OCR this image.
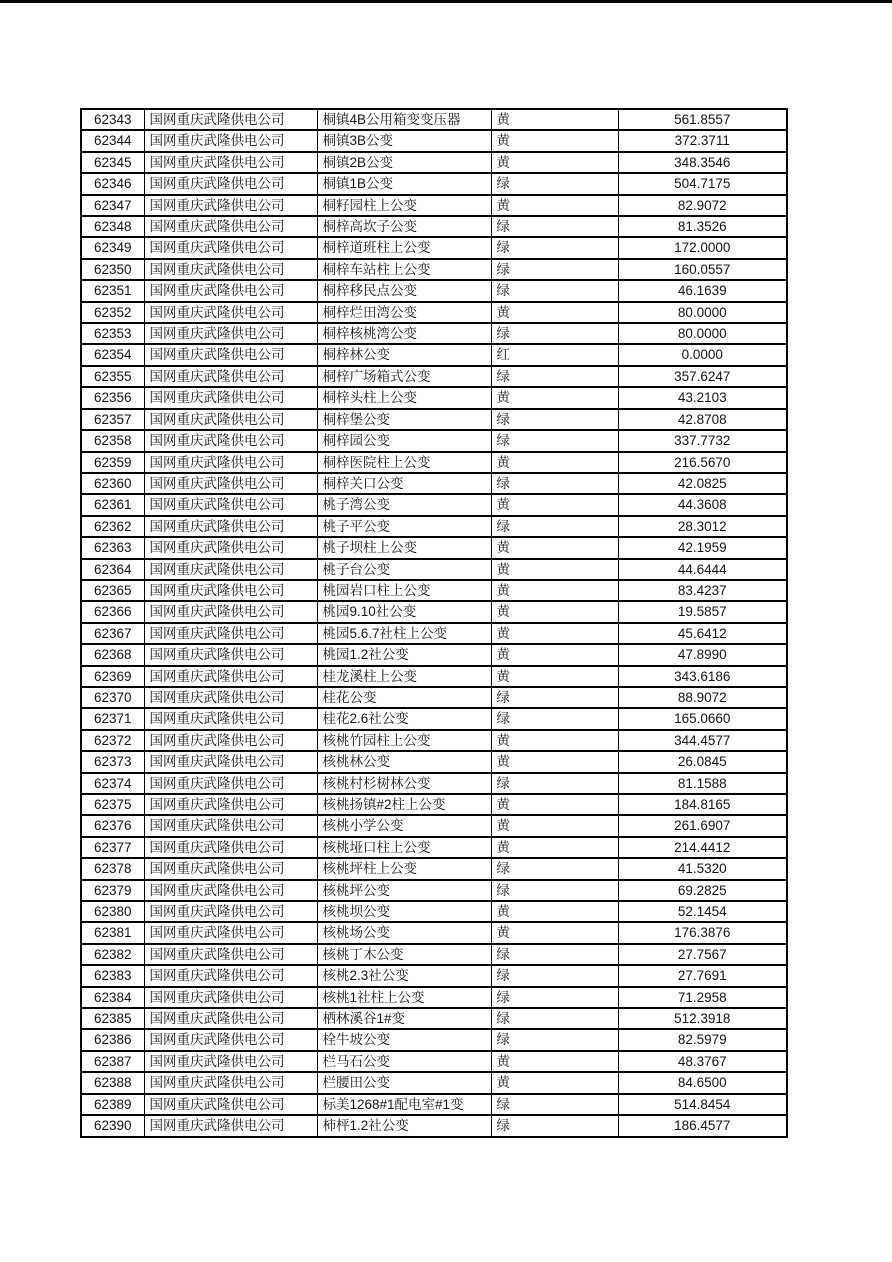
62343	国网重庆武隆供电公司	桐镇4B公用箱变变压器	黄	561.8557
62344	国网重庆武隆供电公司	桐镇3B公变	黄	372.3711
62345	国网重庆武隆供电公司	桐镇2B公变	黄	348.3546
62346	国网重庆武隆供电公司	桐镇1B公变	绿	504.7175
62347	国网重庆武隆供电公司	桐籽园柱上公变	黄	82.9072
62348	国网重庆武隆供电公司	桐梓高坎子公变	绿	81.3526
62349	国网重庆武隆供电公司	桐梓道班柱上公变	绿	172.0000
62350	国网重庆武隆供电公司	桐梓车站柱上公变	绿	160.0557
62351	国网重庆武隆供电公司	桐梓移民点公变	绿	46.1639
62352	国网重庆武隆供电公司	桐梓烂田湾公变	黄	80.0000
62353	国网重庆武隆供电公司	桐梓核桃湾公变	绿	80.0000
62354	国网重庆武隆供电公司	桐梓林公变	红	0.0000
62355	国网重庆武隆供电公司	桐梓广场箱式公变	绿	357.6247
62356	国网重庆武隆供电公司	桐梓头柱上公变	黄	43.2103
62357	国网重庆武隆供电公司	桐梓堡公变	绿	42.8708
62358	国网重庆武隆供电公司	桐梓园公变	绿	337.7732
62359	国网重庆武隆供电公司	桐梓医院柱上公变	黄	216.5670
62360	国网重庆武隆供电公司	桐梓关口公变	绿	42.0825
62361	国网重庆武隆供电公司	桃子湾公变	黄	44.3608
62362	国网重庆武隆供电公司	桃子平公变	绿	28.3012
62363	国网重庆武隆供电公司	桃子坝柱上公变	黄	42.1959
62364	国网重庆武隆供电公司	桃子台公变	黄	44.6444
62365	国网重庆武隆供电公司	桃园岩口柱上公变	黄	83.4237
62366	国网重庆武隆供电公司	桃园9.10社公变	黄	19.5857
62367	国网重庆武隆供电公司	桃园5.6.7社柱上公变	黄	45.6412
62368	国网重庆武隆供电公司	桃园1.2社公变	黄	47.8990
62369	国网重庆武隆供电公司	桂龙溪柱上公变	黄	343.6186
62370	国网重庆武隆供电公司	桂花公变	绿	88.9072
62371	国网重庆武隆供电公司	桂花2.6社公变	绿	165.0660
62372	国网重庆武隆供电公司	核桃竹园柱上公变	黄	344.4577
62373	国网重庆武隆供电公司	核桃林公变	黄	26.0845
62374	国网重庆武隆供电公司	核桃村杉树林公变	绿	81.1588
62375	国网重庆武隆供电公司	核桃扬镇#2柱上公变	黄	184.8165
62376	国网重庆武隆供电公司	核桃小学公变	黄	261.6907
62377	国网重庆武隆供电公司	核桃垭口柱上公变	黄	214.4412
62378	国网重庆武隆供电公司	核桃坪柱上公变	绿	41.5320
62379	国网重庆武隆供电公司	核桃坪公变	绿	69.2825
62380	国网重庆武隆供电公司	核桃坝公变	黄	52.1454
62381	国网重庆武隆供电公司	核桃场公变	黄	176.3876
62382	国网重庆武隆供电公司	核桃丁木公变	绿	27.7567
62383	国网重庆武隆供电公司	核桃2.3社公变	绿	27.7691
62384	国网重庆武隆供电公司	核桃1社柱上公变	绿	71.2958
62385	国网重庆武隆供电公司	栖林溪谷1#变	绿	512.3918
62386	国网重庆武隆供电公司	栓牛坡公变	绿	82.5979
62387	国网重庆武隆供电公司	栏马石公变	黄	48.3767
62388	国网重庆武隆供电公司	栏腰田公变	黄	84.6500
62389	国网重庆武隆供电公司	标美1268#1配电室#1变	绿	514.8454
62390	国网重庆武隆供电公司	柿枰1.2社公变	绿	186.4577
